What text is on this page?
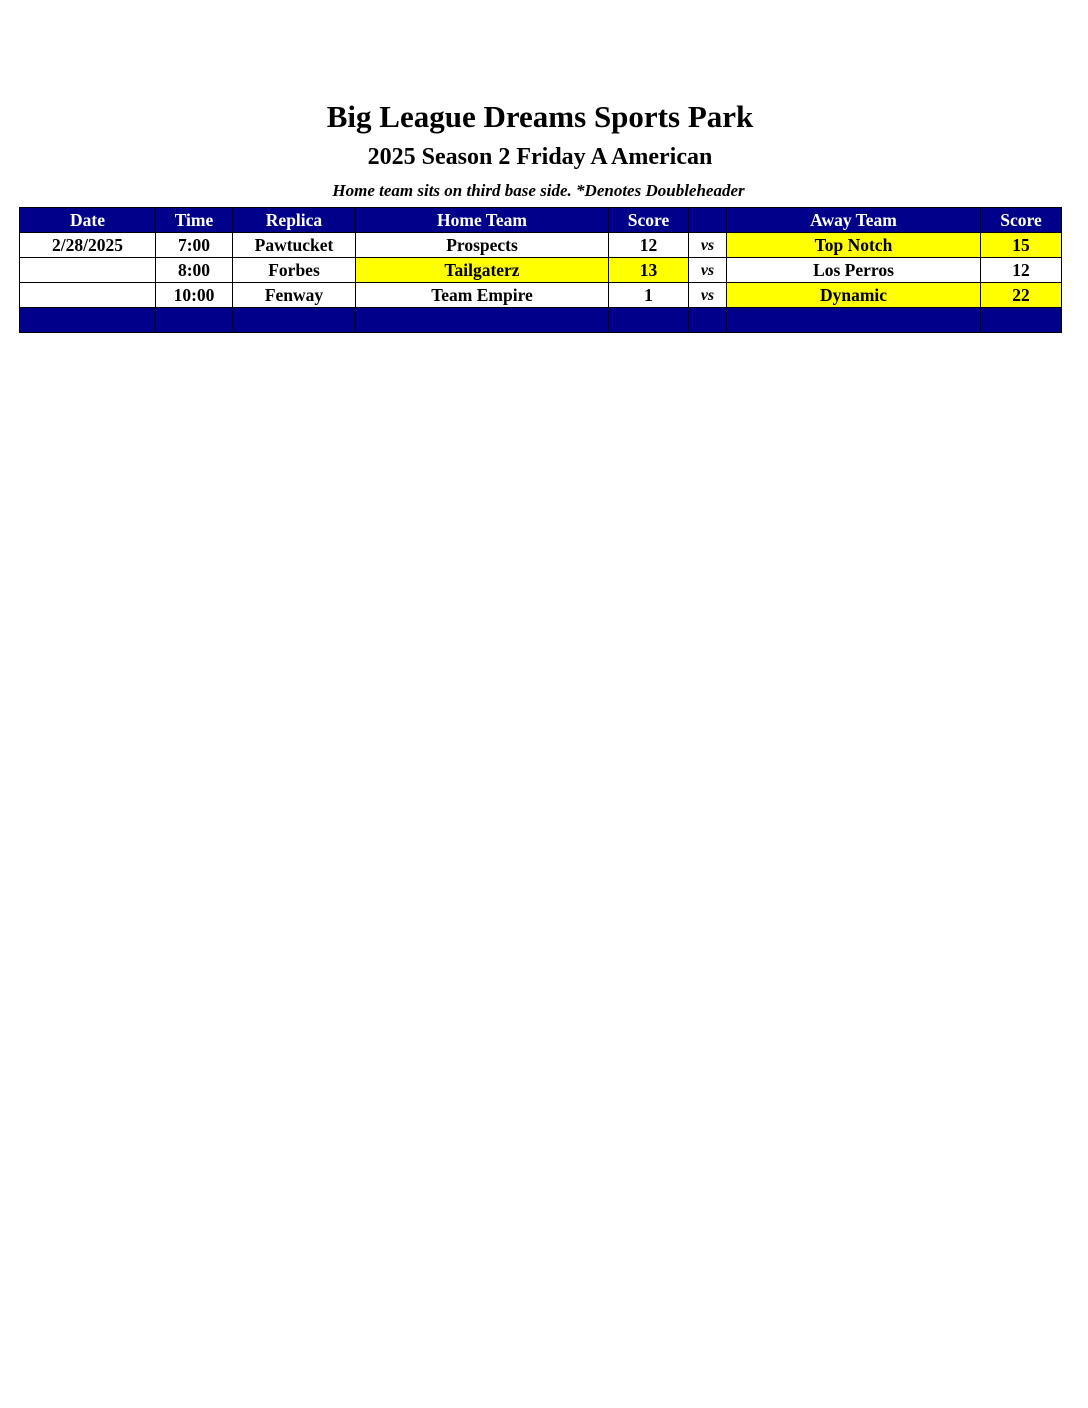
Big League Dreams Sports Park
2025 Season 2 Friday A American
Home team sits on third base side. *Denotes Doubleheader
Date	Time	Replica	Home Team	Score		Away Team	Score
2/28/2025	7:00	Pawtucket	Prospects	12	vs	Top Notch	15
	8:00	Forbes	Tailgaterz	13	vs	Los Perros	12
	10:00	Fenway	Team Empire	1	vs	Dynamic	22
